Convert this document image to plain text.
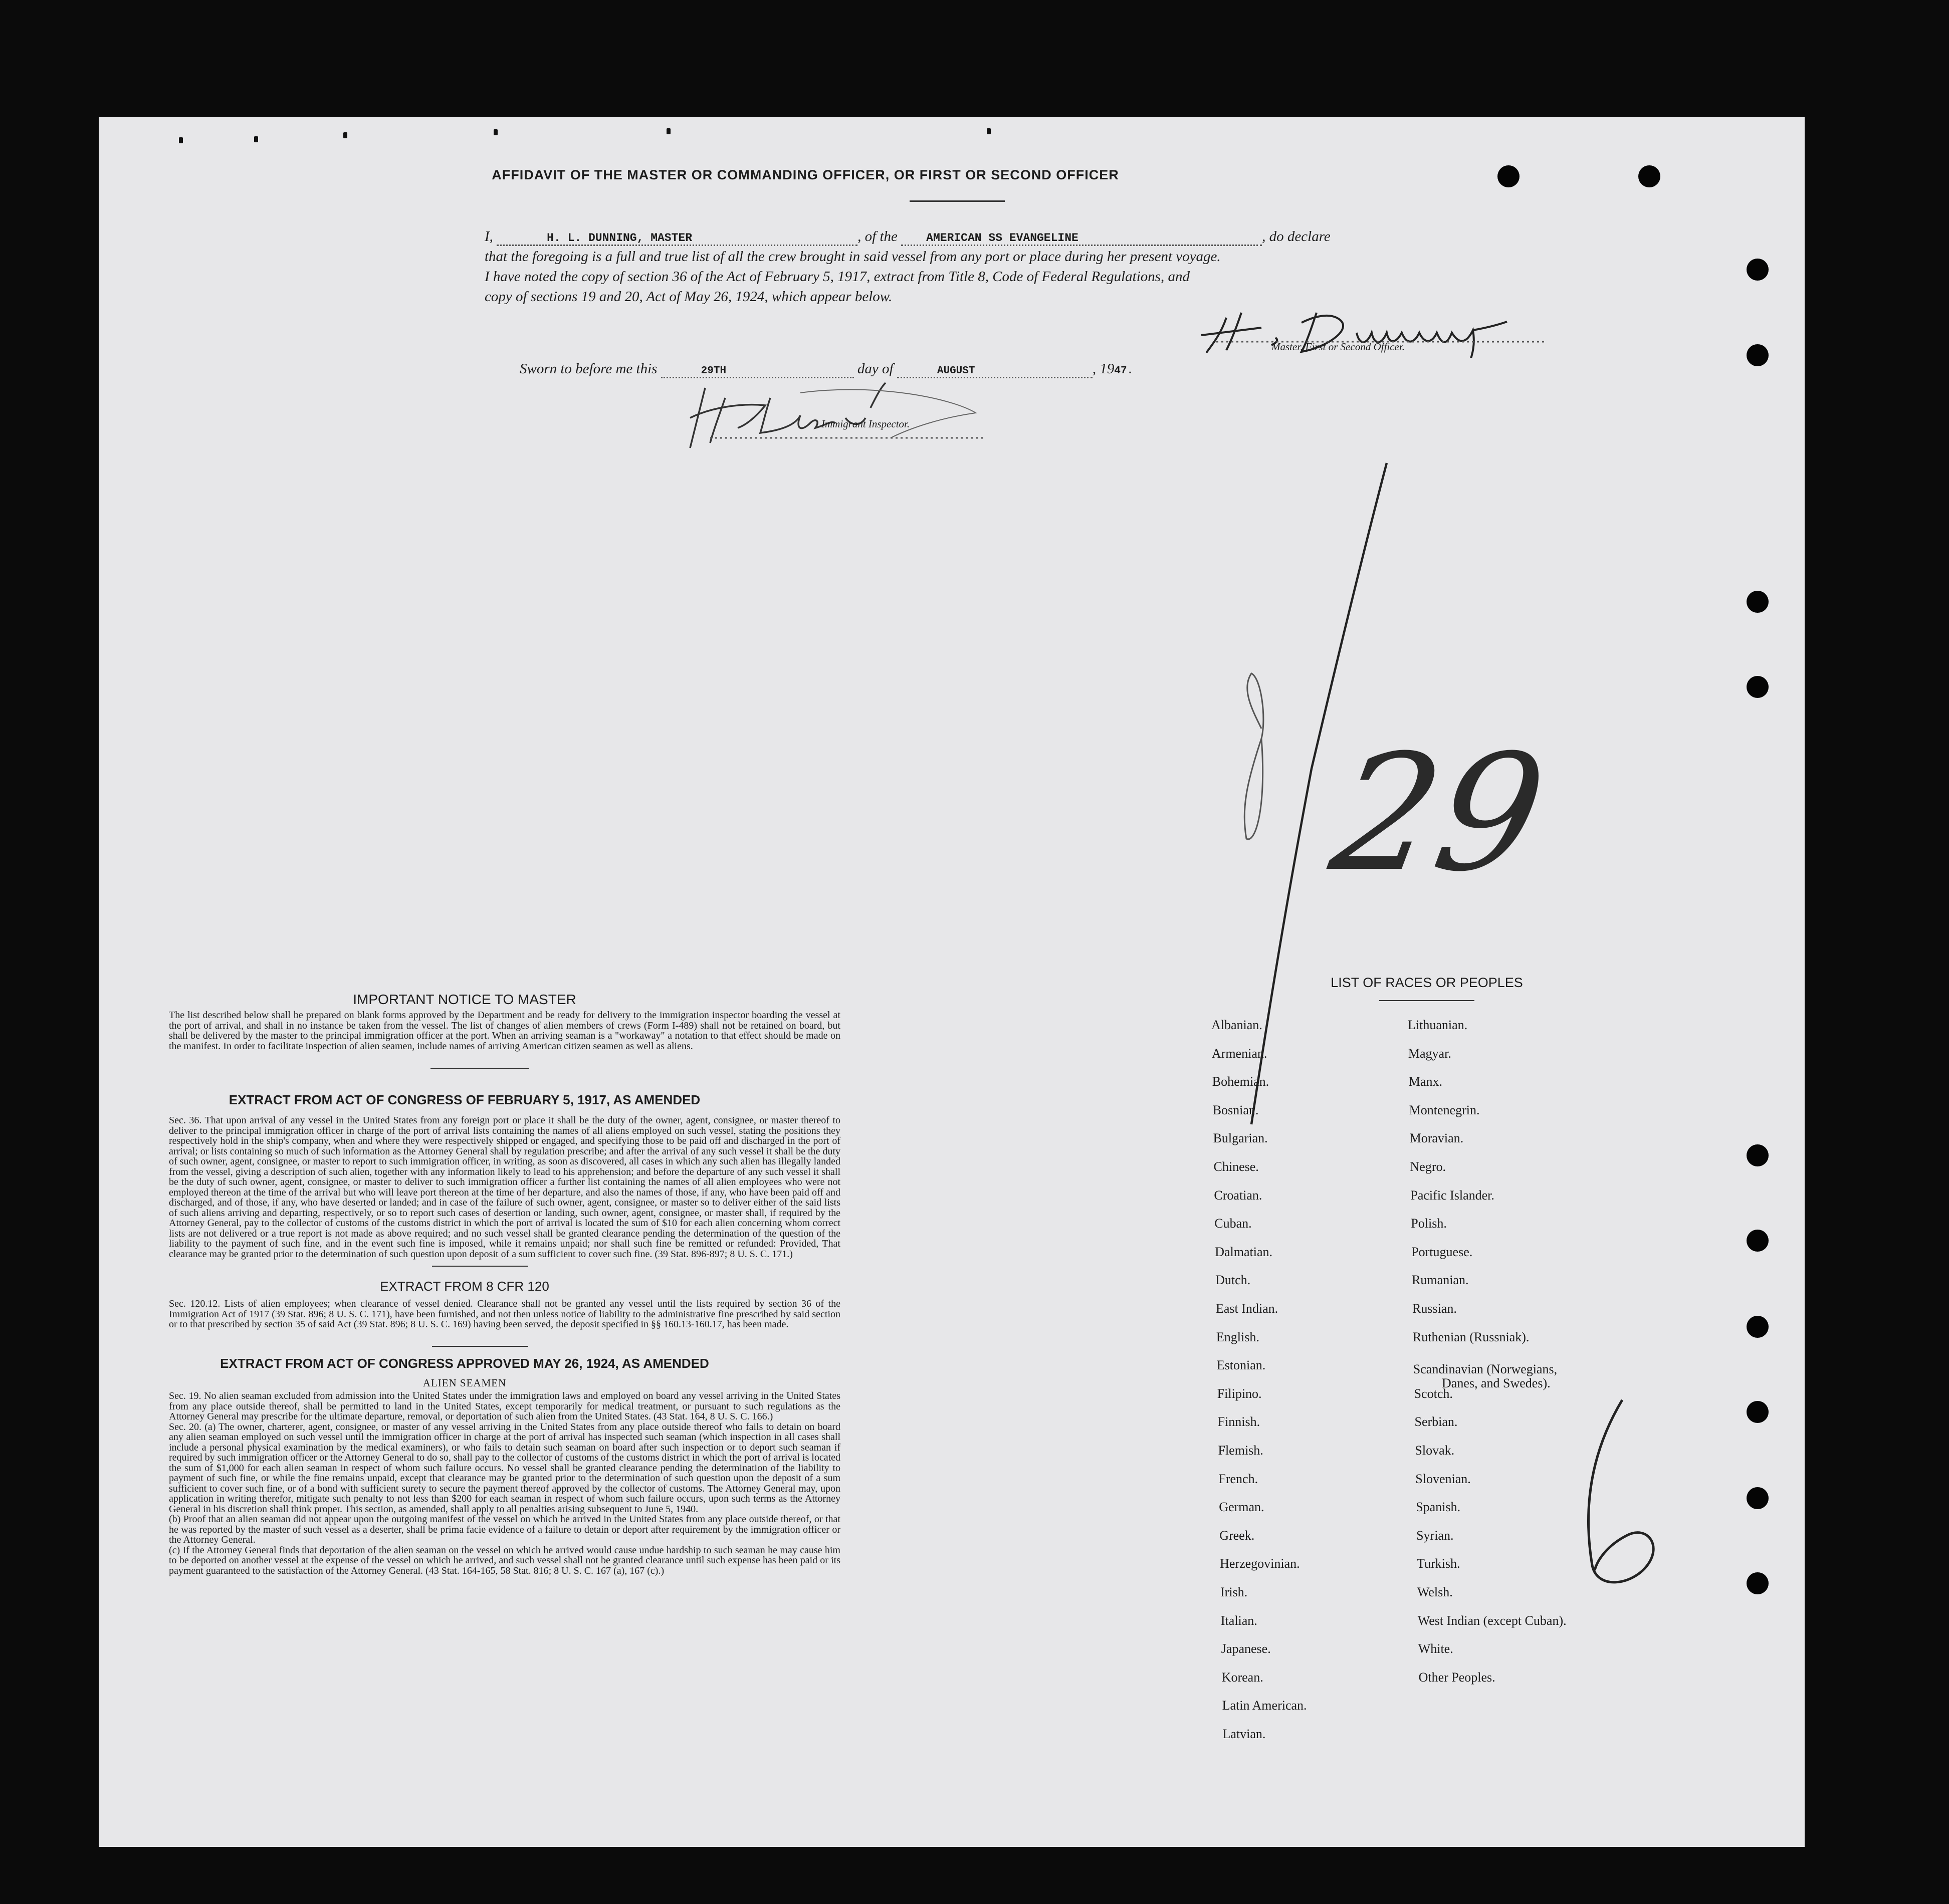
AFFIDAVIT OF THE MASTER OR COMMANDING OFFICER, OR FIRST OR SECOND OFFICER
I,	H. L. DUNNING, MASTER	, of the AMERICAN SS EVANGELINE	, do declare
that the foregoing is a full and true list of all the crew brought in said vessel from any port or place during her present voyage.
I have noted the copy of section 36 of the Act of February 5, 1917, extract from Title 8, Code of Federal Regulations, and
copy of sections 19 and 20, Act of May 26, 1924, which appear below.
Master, First or Second Officer.
Sworn to before me this	29TH	day of	AUGUST	, 1947.
Immigrant Inspector.
29
IMPORTANT NOTICE TO MASTER
The list described below shall be prepared on blank forms approved by the Department and be ready for delivery to the immigration inspector boarding the vessel at the port of arrival, and shall in no instance be taken from the vessel. The list of changes of alien members of crews (Form I-489) shall not be retained on board, but shall be delivered by the master to the principal immigration officer at the port. When an arriving seaman is a "workaway" a notation to that effect should be made on the manifest. In order to facilitate inspection of alien seamen, include names of arriving American citizen seamen as well as aliens.
EXTRACT FROM ACT OF CONGRESS OF FEBRUARY 5, 1917, AS AMENDED
Sec. 36. That upon arrival of any vessel in the United States from any foreign port or place it shall be the duty of the owner, agent, consignee, or master thereof to deliver to the principal immigration officer in charge of the port of arrival lists containing the names of all aliens employed on such vessel, stating the positions they respectively hold in the ship's company, when and where they were respectively shipped or engaged, and specifying those to be paid off and discharged in the port of arrival; or lists containing so much of such information as the Attorney General shall by regulation prescribe; and after the arrival of any such vessel it shall be the duty of such owner, agent, consignee, or master to report to such immigration officer, in writing, as soon as discovered, all cases in which any such alien has illegally landed from the vessel, giving a description of such alien, together with any information likely to lead to his apprehension; and before the departure of any such vessel it shall be the duty of such owner, agent, consignee, or master to deliver to such immigration officer a further list containing the names of all alien employees who were not employed thereon at the time of the arrival but who will leave port thereon at the time of her departure, and also the names of those, if any, who have been paid off and discharged, and of those, if any, who have deserted or landed; and in case of the failure of such owner, agent, consignee, or master so to deliver either of the said lists of such aliens arriving and departing, respectively, or so to report such cases of desertion or landing, such owner, agent, consignee, or master shall, if required by the Attorney General, pay to the collector of customs of the customs district in which the port of arrival is located the sum of $10 for each alien concerning whom correct lists are not delivered or a true report is not made as above required; and no such vessel shall be granted clearance pending the determination of the question of the liability to the payment of such fine, and in the event such fine is imposed, while it remains unpaid; nor shall such fine be remitted or refunded: Provided, That clearance may be granted prior to the determination of such question upon deposit of a sum sufficient to cover such fine. (39 Stat. 896-897; 8 U. S. C. 171.)
EXTRACT FROM 8 CFR 120
Sec. 120.12. Lists of alien employees; when clearance of vessel denied. Clearance shall not be granted any vessel until the lists required by section 36 of the Immigration Act of 1917 (39 Stat. 896; 8 U. S. C. 171), have been furnished, and not then unless notice of liability to the administrative fine prescribed by said section or to that prescribed by section 35 of said Act (39 Stat. 896; 8 U. S. C. 169) having been served, the deposit specified in §§ 160.13-160.17, has been made.
EXTRACT FROM ACT OF CONGRESS APPROVED MAY 26, 1924, AS AMENDED
ALIEN SEAMEN
Sec. 19. No alien seaman excluded from admission into the United States under the immigration laws and employed on board any vessel arriving in the United States from any place outside thereof, shall be permitted to land in the United States, except temporarily for medical treatment, or pursuant to such regulations as the Attorney General may prescribe for the ultimate departure, removal, or deportation of such alien from the United States. (43 Stat. 164, 8 U. S. C. 166.)
Sec. 20. (a) The owner, charterer, agent, consignee, or master of any vessel arriving in the United States from any place outside thereof who fails to detain on board any alien seaman employed on such vessel until the immigration officer in charge at the port of arrival has inspected such seaman (which inspection in all cases shall include a personal physical examination by the medical examiners), or who fails to detain such seaman on board after such inspection or to deport such seaman if required by such immigration officer or the Attorney General to do so, shall pay to the collector of customs of the customs district in which the port of arrival is located the sum of $1,000 for each alien seaman in respect of whom such failure occurs. No vessel shall be granted clearance pending the determination of the liability to payment of such fine, or while the fine remains unpaid, except that clearance may be granted prior to the determination of such question upon the deposit of a sum sufficient to cover such fine, or of a bond with sufficient surety to secure the payment thereof approved by the collector of customs. The Attorney General may, upon application in writing therefor, mitigate such penalty to not less than $200 for each seaman in respect of whom such failure occurs, upon such terms as the Attorney General in his discretion shall think proper. This section, as amended, shall apply to all penalties arising subsequent to June 5, 1940.
(b) Proof that an alien seaman did not appear upon the outgoing manifest of the vessel on which he arrived in the United States from any place outside thereof, or that he was reported by the master of such vessel as a deserter, shall be prima facie evidence of a failure to detain or deport after requirement by the immigration officer or the Attorney General.
(c) If the Attorney General finds that deportation of the alien seaman on the vessel on which he arrived would cause undue hardship to such seaman he may cause him to be deported on another vessel at the expense of the vessel on which he arrived, and such vessel shall not be granted clearance until such expense has been paid or its payment guaranteed to the satisfaction of the Attorney General. (43 Stat. 164-165, 58 Stat. 816; 8 U. S. C. 167 (a), 167 (c).)
LIST OF RACES OR PEOPLES
Albanian.
Armenian.
Bohemian.
Bosnian.
Bulgarian.
Chinese.
Croatian.
Cuban.
Dalmatian.
Dutch.
East Indian.
English.
Estonian.
Filipino.
Finnish.
Flemish.
French.
German.
Greek.
Herzegovinian.
Irish.
Italian.
Japanese.
Korean.
Latin American.
Latvian.
Lithuanian.
Magyar.
Manx.
Montenegrin.
Moravian.
Negro.
Pacific Islander.
Polish.
Portuguese.
Rumanian.
Russian.
Ruthenian (Russniak).
Scandinavian (Norwegians,
Danes, and Swedes).
Scotch.
Serbian.
Slovak.
Slovenian.
Spanish.
Syrian.
Turkish.
Welsh.
West Indian (except Cuban).
White.
Other Peoples.
